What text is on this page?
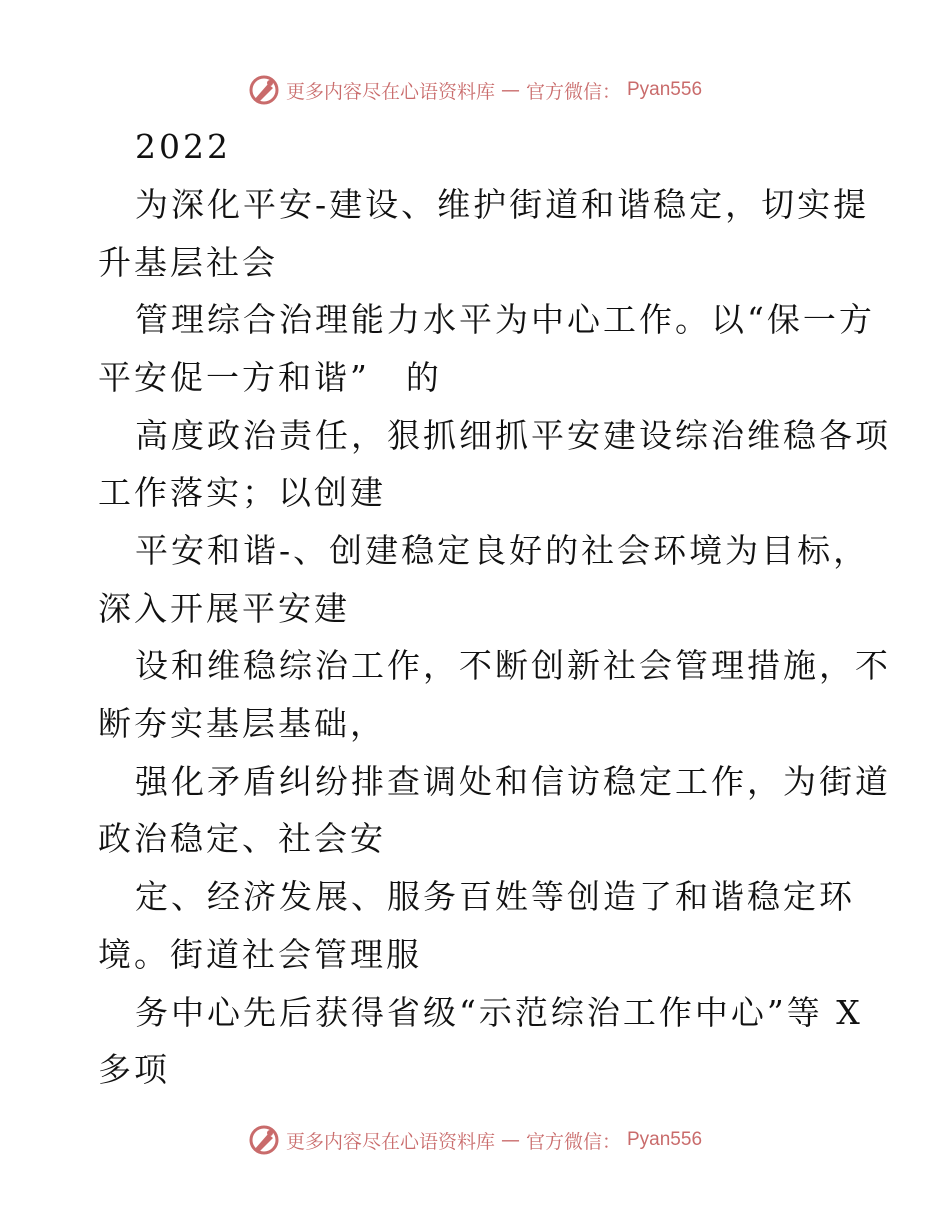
更多内容尽在心语资料库 — 官方微信： Pyan556
2022
为深化平安-建设、维护街道和谐稳定，切实提
升基层社会
管理综合治理能力水平为中心工作。以“保一方
平安促一方和谐”　的
高度政治责任，狠抓细抓平安建设综治维稳各项
工作落实；以创建
平安和谐-、创建稳定良好的社会环境为目标，
深入开展平安建
设和维稳综治工作，不断创新社会管理措施，不
断夯实基层基础，
强化矛盾纠纷排查调处和信访稳定工作，为街道
政治稳定、社会安
定、经济发展、服务百姓等创造了和谐稳定环
境。街道社会管理服
务中心先后获得省级“示范综治工作中心”等 X
多项
更多内容尽在心语资料库 — 官方微信： Pyan556
